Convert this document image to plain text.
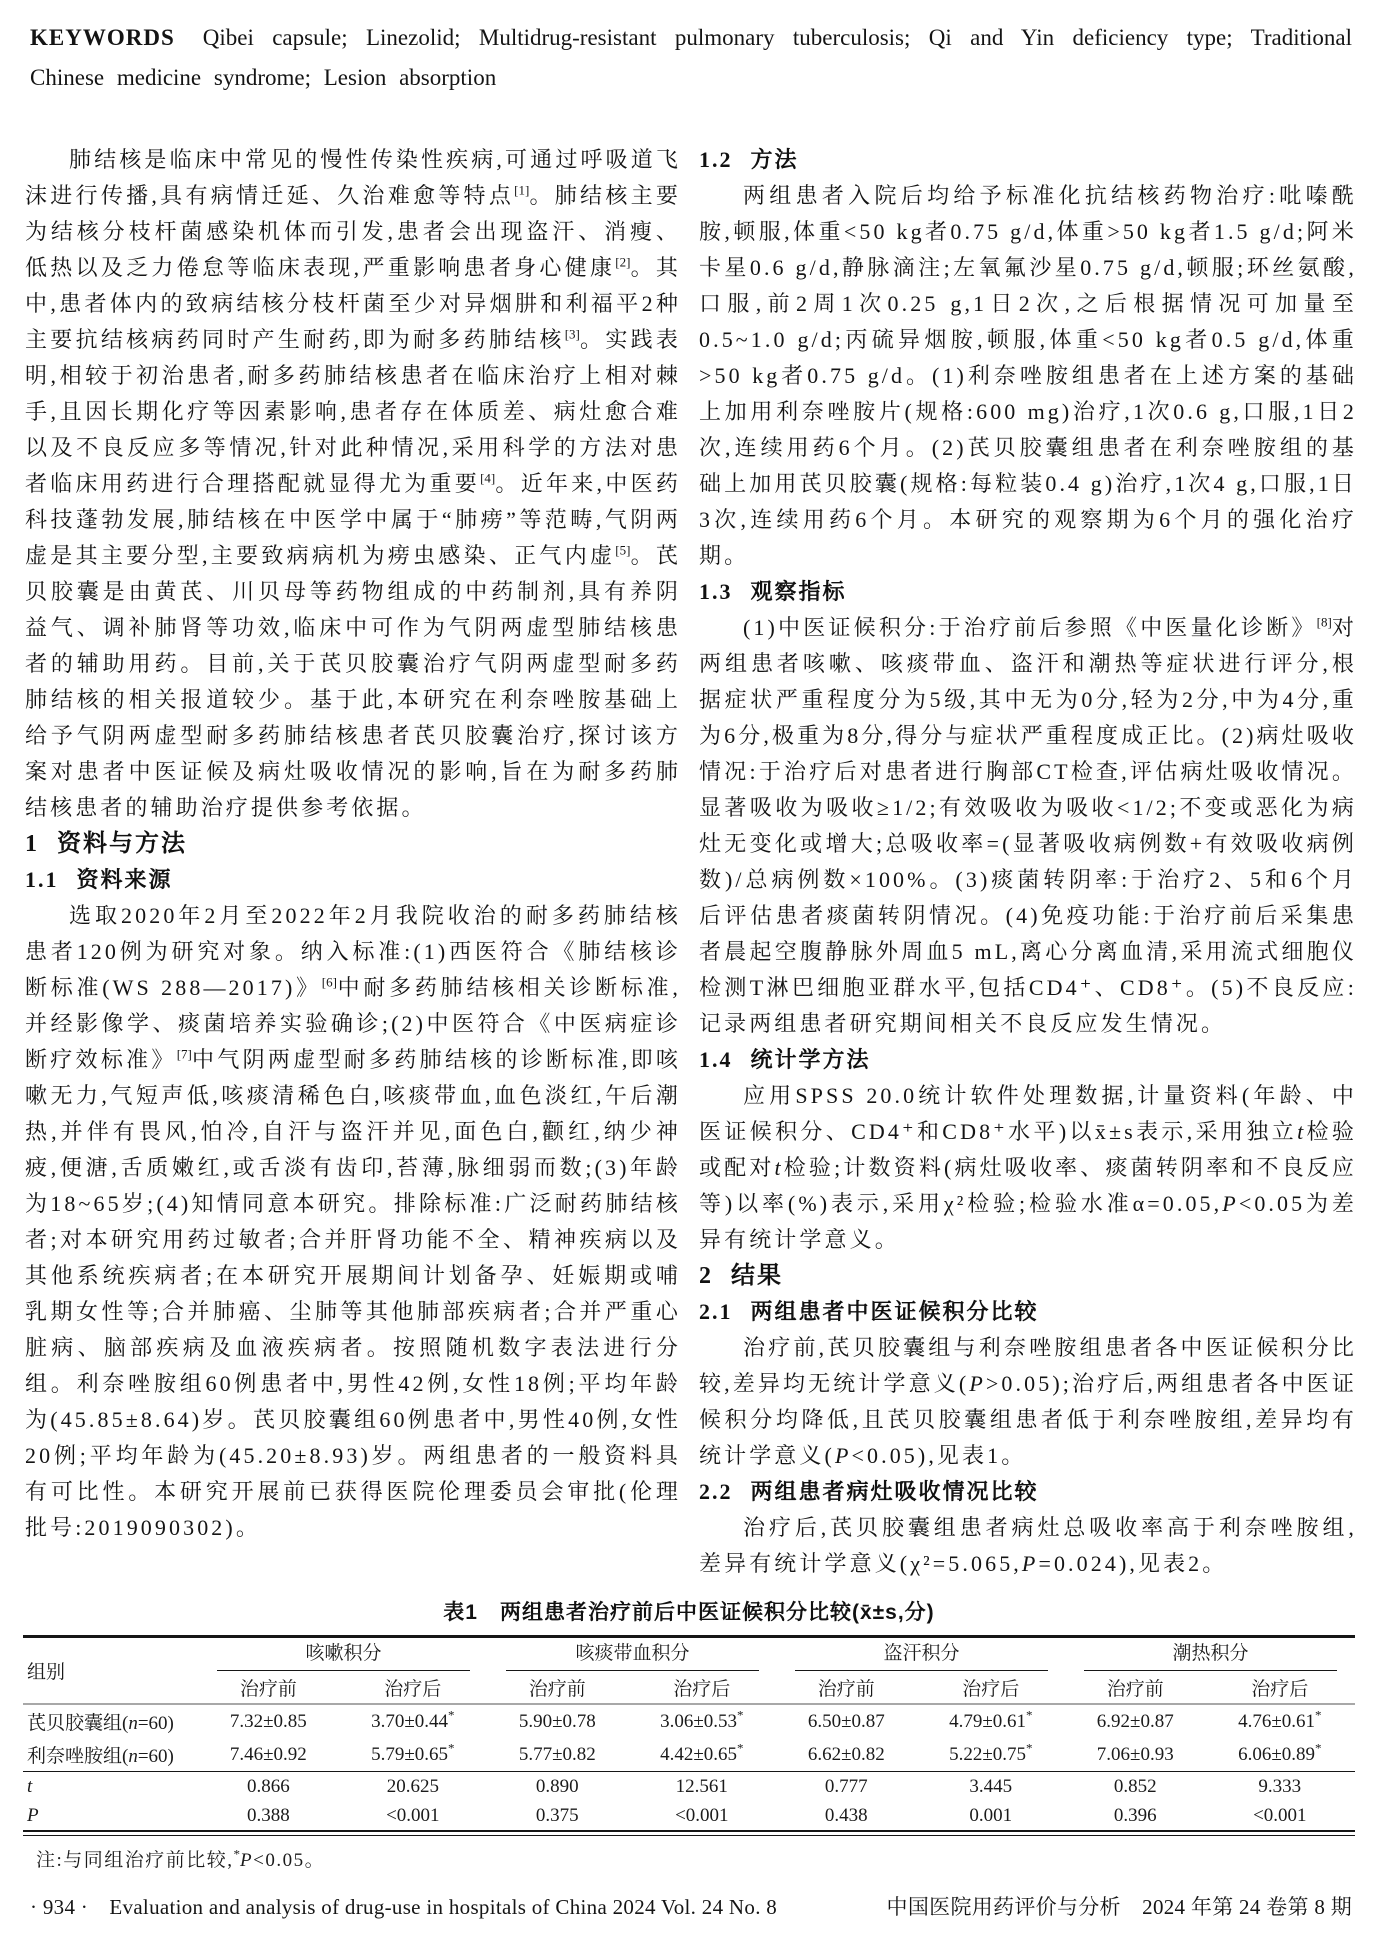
KEYWORDS Qibei capsule; Linezolid; Multidrug-resistant pulmonary tuberculosis; Qi and Yin deficiency type; Traditional Chinese medicine syndrome; Lesion absorption

肺结核是临床中常见的慢性传染性疾病,可通过呼吸道飞沫进行传播,具有病情迁延、久治难愈等特点[1]。肺结核主要为结核分枝杆菌感染机体而引发,患者会出现盗汗、消瘦、低热以及乏力倦怠等临床表现,严重影响患者身心健康[2]。其中,患者体内的致病结核分枝杆菌至少对异烟肼和利福平2种主要抗结核病药同时产生耐药,即为耐多药肺结核[3]。实践表明,相较于初治患者,耐多药肺结核患者在临床治疗上相对棘手,且因长期化疗等因素影响,患者存在体质差、病灶愈合难以及不良反应多等情况,针对此种情况,采用科学的方法对患者临床用药进行合理搭配就显得尤为重要[4]。近年来,中医药科技蓬勃发展,肺结核在中医学中属于“肺痨”等范畴,气阴两虚是其主要分型,主要致病病机为痨虫感染、正气内虚[5]。芪贝胶囊是由黄芪、川贝母等药物组成的中药制剂,具有养阴益气、调补肺肾等功效,临床中可作为气阴两虚型肺结核患者的辅助用药。目前,关于芪贝胶囊治疗气阴两虚型耐多药肺结核的相关报道较少。基于此,本研究在利奈唑胺基础上给予气阴两虚型耐多药肺结核患者芪贝胶囊治疗,探讨该方案对患者中医证候及病灶吸收情况的影响,旨在为耐多药肺结核患者的辅助治疗提供参考依据。

1 资料与方法
1.1 资料来源

选取2020年2月至2022年2月我院收治的耐多药肺结核患者120例为研究对象。纳入标准:(1)西医符合《肺结核诊断标准(WS 288—2017)》[6]中耐多药肺结核相关诊断标准,并经影像学、痰菌培养实验确诊;(2)中医符合《中医病症诊断疗效标准》[7]中气阴两虚型耐多药肺结核的诊断标准,即咳嗽无力,气短声低,咳痰清稀色白,咳痰带血,血色淡红,午后潮热,并伴有畏风,怕冷,自汗与盗汗并见,面色白,颧红,纳少神疲,便溏,舌质嫩红,或舌淡有齿印,苔薄,脉细弱而数;(3)年龄为18~65岁;(4)知情同意本研究。排除标准:广泛耐药肺结核者;对本研究用药过敏者;合并肝肾功能不全、精神疾病以及其他系统疾病者;在本研究开展期间计划备孕、妊娠期或哺乳期女性等;合并肺癌、尘肺等其他肺部疾病者;合并严重心脏病、脑部疾病及血液疾病者。按照随机数字表法进行分组。利奈唑胺组60例患者中,男性42例,女性18例;平均年龄为(45.85±8.64)岁。芪贝胶囊组60例患者中,男性40例,女性20例;平均年龄为(45.20±8.93)岁。两组患者的一般资料具有可比性。本研究开展前已获得医院伦理委员会审批(伦理批号:2019090302)。

1.2 方法

两组患者入院后均给予标准化抗结核药物治疗:吡嗪酰胺,顿服,体重<50 kg者0.75 g/d,体重>50 kg者1.5 g/d;阿米卡星0.6 g/d,静脉滴注;左氧氟沙星0.75 g/d,顿服;环丝氨酸,口服,前2周1次0.25 g,1日2次,之后根据情况可加量至0.5~1.0 g/d;丙硫异烟胺,顿服,体重<50 kg者0.5 g/d,体重>50 kg者0.75 g/d。(1)利奈唑胺组患者在上述方案的基础上加用利奈唑胺片(规格:600 mg)治疗,1次0.6 g,口服,1日2次,连续用药6个月。(2)芪贝胶囊组患者在利奈唑胺组的基础上加用芪贝胶囊(规格:每粒装0.4 g)治疗,1次4 g,口服,1日3次,连续用药6个月。本研究的观察期为6个月的强化治疗期。

1.3 观察指标

(1)中医证候积分:于治疗前后参照《中医量化诊断》[8]对两组患者咳嗽、咳痰带血、盗汗和潮热等症状进行评分,根据症状严重程度分为5级,其中无为0分,轻为2分,中为4分,重为6分,极重为8分,得分与症状严重程度成正比。(2)病灶吸收情况:于治疗后对患者进行胸部CT检查,评估病灶吸收情况。显著吸收为吸收≥1/2;有效吸收为吸收<1/2;不变或恶化为病灶无变化或增大;总吸收率=(显著吸收病例数+有效吸收病例数)/总病例数×100%。(3)痰菌转阴率:于治疗2、5和6个月后评估患者痰菌转阴情况。(4)免疫功能:于治疗前后采集患者晨起空腹静脉外周血5 mL,离心分离血清,采用流式细胞仪检测T淋巴细胞亚群水平,包括CD4⁺、CD8⁺。(5)不良反应:记录两组患者研究期间相关不良反应发生情况。

1.4 统计学方法

应用SPSS 20.0统计软件处理数据,计量资料(年龄、中医证候积分、CD4⁺和CD8⁺水平)以x̄±s表示,采用独立t检验或配对t检验;计数资料(病灶吸收率、痰菌转阴率和不良反应等)以率(%)表示,采用χ²检验;检验水准α=0.05,P<0.05为差异有统计学意义。

2 结果
2.1 两组患者中医证候积分比较

治疗前,芪贝胶囊组与利奈唑胺组患者各中医证候积分比较,差异均无统计学意义(P>0.05);治疗后,两组患者各中医证候积分均降低,且芪贝胶囊组患者低于利奈唑胺组,差异均有统计学意义(P<0.05),见表1。

2.2 两组患者病灶吸收情况比较

治疗后,芪贝胶囊组患者病灶总吸收率高于利奈唑胺组,差异有统计学意义(χ²=5.065,P=0.024),见表2。

表1　两组患者治疗前后中医证候积分比较(x̄±s,分)
组别	咳嗽积分		咳痰带血积分		盗汗积分		潮热积分	

	治疗前	治疗后	治疗前	治疗后	治疗前	治疗后	治疗前	治疗后
芪贝胶囊组(n=60)	7.32±0.85	3.70±0.44*	5.90±0.78	3.06±0.53*	6.50±0.87	4.79±0.61*	6.92±0.87	4.76±0.61*
利奈唑胺组(n=60)	7.46±0.92	5.79±0.65*	5.77±0.82	4.42±0.65*	6.62±0.82	5.22±0.75*	7.06±0.93	6.06±0.89*
t	0.866	20.625	0.890	12.561	0.777	3.445	0.852	9.333
P	0.388	<0.001	0.375	<0.001	0.438	0.001	0.396	<0.001
注:与同组治疗前比较,*P<0.05。
· 934 ·　Evaluation and analysis of drug-use in hospitals of China 2024 Vol. 24 No. 8	中国医院用药评价与分析　2024 年第 24 卷第 8 期
